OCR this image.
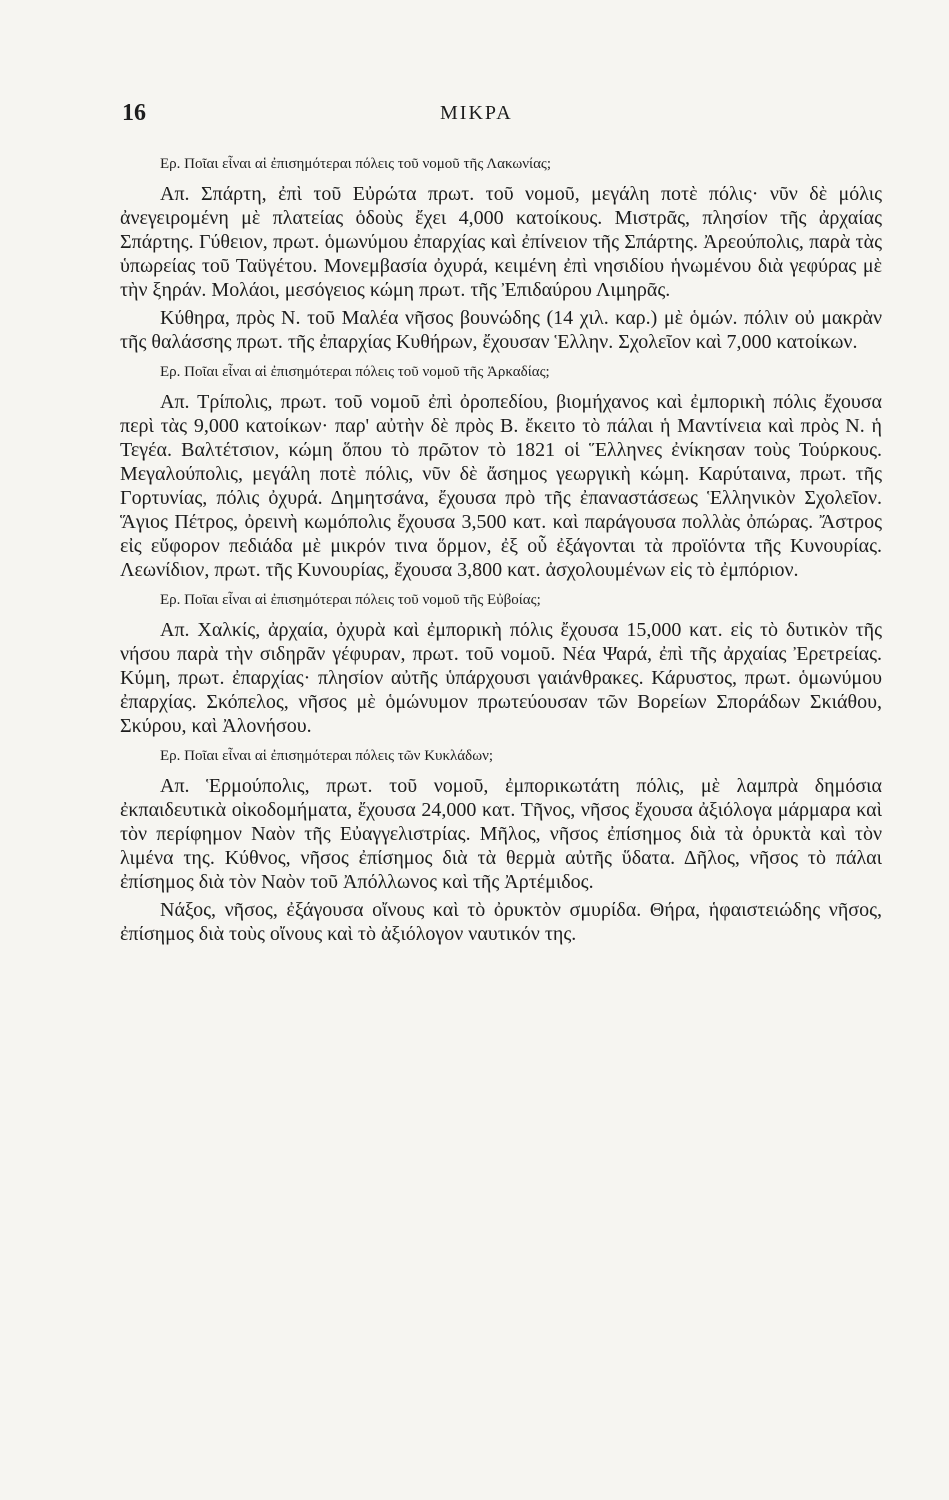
16	ΜΙΚΡΑ

Ερ. Ποῖαι εἶναι αἱ ἐπισημότεραι πόλεις τοῦ νομοῦ τῆς Λακωνίας;

Απ. Σπάρτη, ἐπὶ τοῦ Εὐρώτα πρωτ. τοῦ νομοῦ, μεγάλη ποτὲ πόλις· νῦν δὲ μόλις ἀνεγειρομένη μὲ πλατείας ὁδοὺς ἔχει 4,000 κατοίκους. Μιστρᾶς, πλησίον τῆς ἀρχαίας Σπάρτης. Γύθειον, πρωτ. ὁμωνύμου ἐπαρχίας καὶ ἐπίνειον τῆς Σπάρτης. Ἀρεούπολις, παρὰ τὰς ὑπωρείας τοῦ Ταϋγέτου. Μονεμβασία ὀχυρά, κειμένη ἐπὶ νησιδίου ἡνωμένου διὰ γεφύρας μὲ τὴν ξηράν. Μολάοι, μεσόγειος κώμη πρωτ. τῆς Ἐπιδαύρου Λιμηρᾶς.

Κύθηρα, πρὸς Ν. τοῦ Μαλέα νῆσος βουνώδης (14 χιλ. καρ.) μὲ ὁμών. πόλιν οὐ μακρὰν τῆς θαλάσσης πρωτ. τῆς ἐπαρχίας Κυθήρων, ἔχουσαν Ἑλλην. Σχολεῖον καὶ 7,000 κατοίκων.

Ερ. Ποῖαι εἶναι αἱ ἐπισημότεραι πόλεις τοῦ νομοῦ τῆς Ἀρκαδίας;

Απ. Τρίπολις, πρωτ. τοῦ νομοῦ ἐπὶ ὀροπεδίου, βιομήχανος καὶ ἐμπορικὴ πόλις ἔχουσα περὶ τὰς 9,000 κατοίκων· παρ' αὐτὴν δὲ πρὸς Β. ἔκειτο τὸ πάλαι ἡ Μαντίνεια καὶ πρὸς Ν. ἡ Τεγέα. Βαλτέτσιον, κώμη ὅπου τὸ πρῶτον τὸ 1821 οἱ Ἕλληνες ἐνίκησαν τοὺς Τούρκους. Μεγαλούπολις, μεγάλη ποτὲ πόλις, νῦν δὲ ἄσημος γεωργικὴ κώμη. Καρύταινα, πρωτ. τῆς Γορτυνίας, πόλις ὀχυρά. Δημητσάνα, ἔχουσα πρὸ τῆς ἐπαναστάσεως Ἑλληνικὸν Σχολεῖον. Ἅγιος Πέτρος, ὀρεινὴ κωμόπολις ἔχουσα 3,500 κατ. καὶ παράγουσα πολλὰς ὀπώρας. Ἄστρος εἰς εὔφορον πεδιάδα μὲ μικρόν τινα ὅρμον, ἐξ οὗ ἐξάγονται τὰ προϊόντα τῆς Κυνουρίας. Λεωνίδιον, πρωτ. τῆς Κυνουρίας, ἔχουσα 3,800 κατ. ἀσχολουμένων εἰς τὸ ἐμπόριον.

Ερ. Ποῖαι εἶναι αἱ ἐπισημότεραι πόλεις τοῦ νομοῦ τῆς Εὐβοίας;

Απ. Χαλκίς, ἀρχαία, ὀχυρὰ καὶ ἐμπορικὴ πόλις ἔχουσα 15,000 κατ. εἰς τὸ δυτικὸν τῆς νήσου παρὰ τὴν σιδηρᾶν γέφυραν, πρωτ. τοῦ νομοῦ. Νέα Ψαρά, ἐπὶ τῆς ἀρχαίας Ἐρετρείας. Κύμη, πρωτ. ἐπαρχίας· πλησίον αὐτῆς ὑπάρχουσι γαιάνθρακες. Κάρυστος, πρωτ. ὁμωνύμου ἐπαρχίας. Σκόπελος, νῆσος μὲ ὁμώνυμον πρωτεύουσαν τῶν Βορείων Σποράδων Σκιάθου, Σκύρου, καὶ Ἀλονήσου.

Ερ. Ποῖαι εἶναι αἱ ἐπισημότεραι πόλεις τῶν Κυκλάδων;

Απ. Ἑρμούπολις, πρωτ. τοῦ νομοῦ, ἐμπορικωτάτη πόλις, μὲ λαμπρὰ δημόσια ἐκπαιδευτικὰ οἰκοδομήματα, ἔχουσα 24,000 κατ. Τῆνος, νῆσος ἔχουσα ἀξιόλογα μάρμαρα καὶ τὸν περίφημον Ναὸν τῆς Εὐαγγελιστρίας. Μῆλος, νῆσος ἐπίσημος διὰ τὰ ὀρυκτὰ καὶ τὸν λιμένα της. Κύθνος, νῆσος ἐπίσημος διὰ τὰ θερμὰ αὐτῆς ὕδατα. Δῆλος, νῆσος τὸ πάλαι ἐπίσημος διὰ τὸν Ναὸν τοῦ Ἀπόλλωνος καὶ τῆς Ἀρτέμιδος.

Νάξος, νῆσος, ἐξάγουσα οἴνους καὶ τὸ ὀρυκτὸν σμυρίδα. Θήρα, ἡφαιστειώδης νῆσος, ἐπίσημος διὰ τοὺς οἴνους καὶ τὸ ἀξιόλογον ναυτικόν της.
